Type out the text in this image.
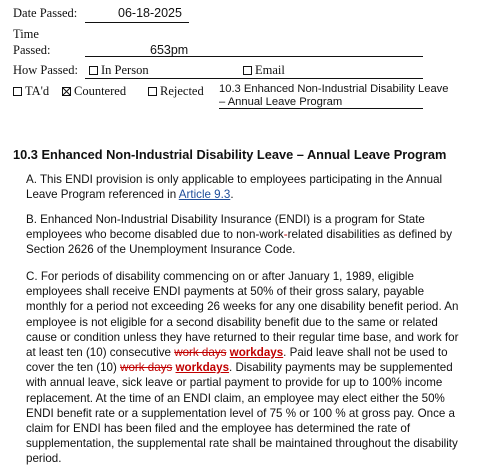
Date Passed:	06-18-2025
Time
Passed:	653pm
How Passed:	In Person	Email
TA'd	Countered	Rejected 10.3 Enhanced Non-Industrial Disability Leave
– Annual Leave Program
10.3 Enhanced Non-Industrial Disability Leave – Annual Leave Program
A. This ENDI provision is only applicable to employees participating in the Annual
Leave Program referenced in Article 9.3.
B. Enhanced Non-Industrial Disability Insurance (ENDI) is a program for State
employees who become disabled due to non-work-related disabilities as defined by
Section 2626 of the Unemployment Insurance Code.
C. For periods of disability commencing on or after January 1, 1989, eligible
employees shall receive ENDI payments at 50% of their gross salary, payable
monthly for a period not exceeding 26 weeks for any one disability benefit period. An
employee is not eligible for a second disability benefit due to the same or related
cause or condition unless they have returned to their regular time base, and work for
at least ten (10) consecutive work days workdays. Paid leave shall not be used to
cover the ten (10) work days workdays. Disability payments may be supplemented
with annual leave, sick leave or partial payment to provide for up to 100% income
replacement. At the time of an ENDI claim, an employee may elect either the 50%
ENDI benefit rate or a supplementation level of 75 % or 100 % at gross pay. Once a
claim for ENDI has been filed and the employee has determined the rate of
supplementation, the supplemental rate shall be maintained throughout the disability
period.
